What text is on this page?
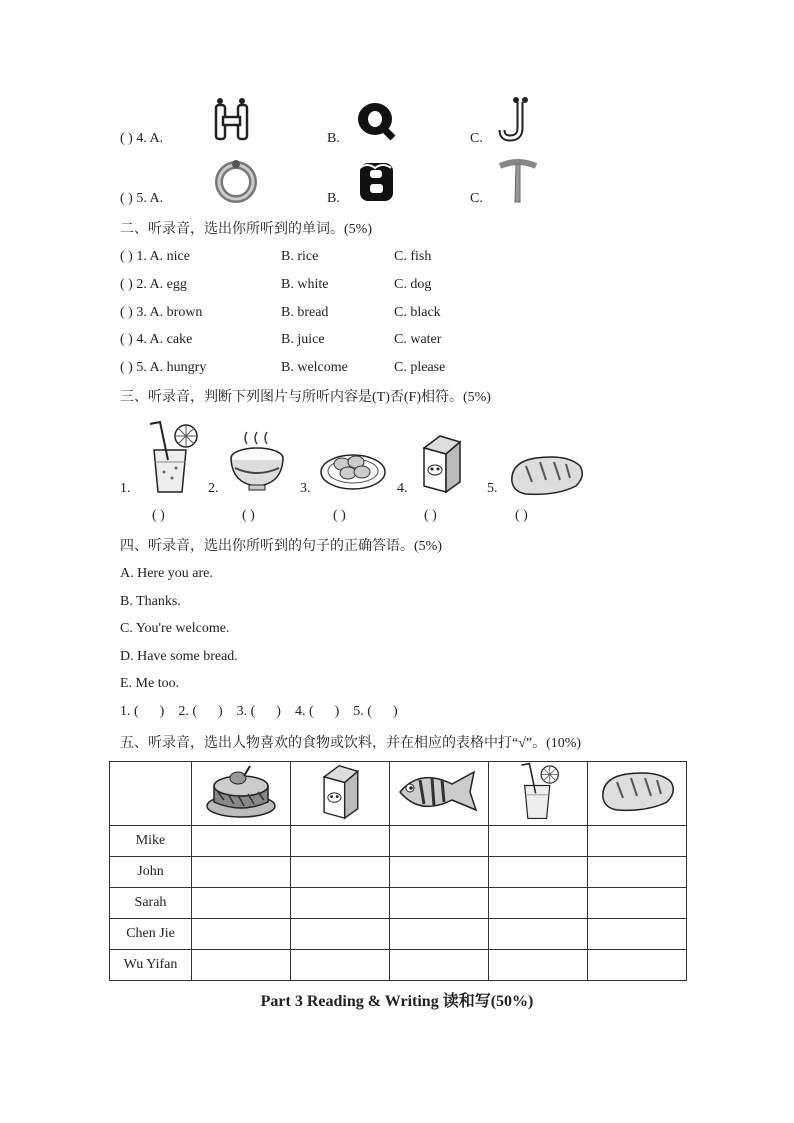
( ) 4. A.	B.	C.
( ) 5. A.	B.	C.
二、听录音，选出你所听到的单词。(5%)
( ) 1. A. nice	B. rice	C. fish
( ) 2. A. egg	B. white	C. dog
( ) 3. A. brown	B. bread	C. black
( ) 4. A. cake	B. juice	C. water
( ) 5. A. hungry	B. welcome	C. please
三、听录音，判断下列图片与所听内容是(T)否(F)相符。(5%)
1.	2.	3.	4.	5.
( )	( )	( )	( )	( )
四、听录音，选出你所听到的句子的正确答语。(5%)
A. Here you are.
B. Thanks.
C. You're welcome.
D. Have some bread.
E. Me too.
1. (      )    2. (      )    3. (      )    4. (      )    5. (      )
五、听录音，选出人物喜欢的食物或饮料，并在相应的表格中打“√”。(10%)

Mike					
John					
Sarah					
Chen Jie					
Wu Yifan					
Part 3 Reading & Writing 读和写(50%)
